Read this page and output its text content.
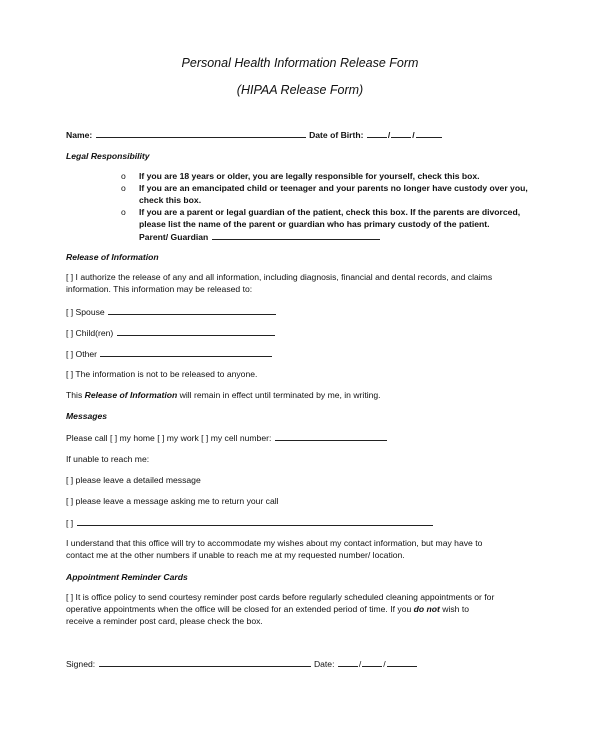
Personal Health Information Release Form
(HIPAA Release Form)
Name:	Date of Birth:	/	/
Legal Responsibility
o
o
o
If you are 18 years or older, you are legally responsible for yourself, check this box.
If you are an emancipated child or teenager and your parents no longer have custody over you,
check this box.
If you are a parent or legal guardian of the patient, check this box. If the parents are divorced,
please list the name of the parent or guardian who has primary custody of the patient.
Parent/ Guardian
Release of Information
[ ] I authorize the release of any and all information, including diagnosis, financial and dental records, and claims
information. This information may be released to:
[ ] Spouse
[ ] Child(ren)
[ ] Other
[ ] The information is not to be released to anyone.
This Release of Information will remain in effect until terminated by me, in writing.
Messages
Please call [ ] my home [ ] my work [ ] my cell number:
If unable to reach me:
[ ] please leave a detailed message
[ ] please leave a message asking me to return your call
[ ]
I understand that this office will try to accommodate my wishes about my contact information, but may have to
contact me at the other numbers if unable to reach me at my requested number/ location.
Appointment Reminder Cards
[ ] It is office policy to send courtesy reminder post cards before regularly scheduled cleaning appointments or for
operative appointments when the office will be closed for an extended period of time. If you do not wish to
receive a reminder post card, please check the box.
Signed:	Date:	/	/
